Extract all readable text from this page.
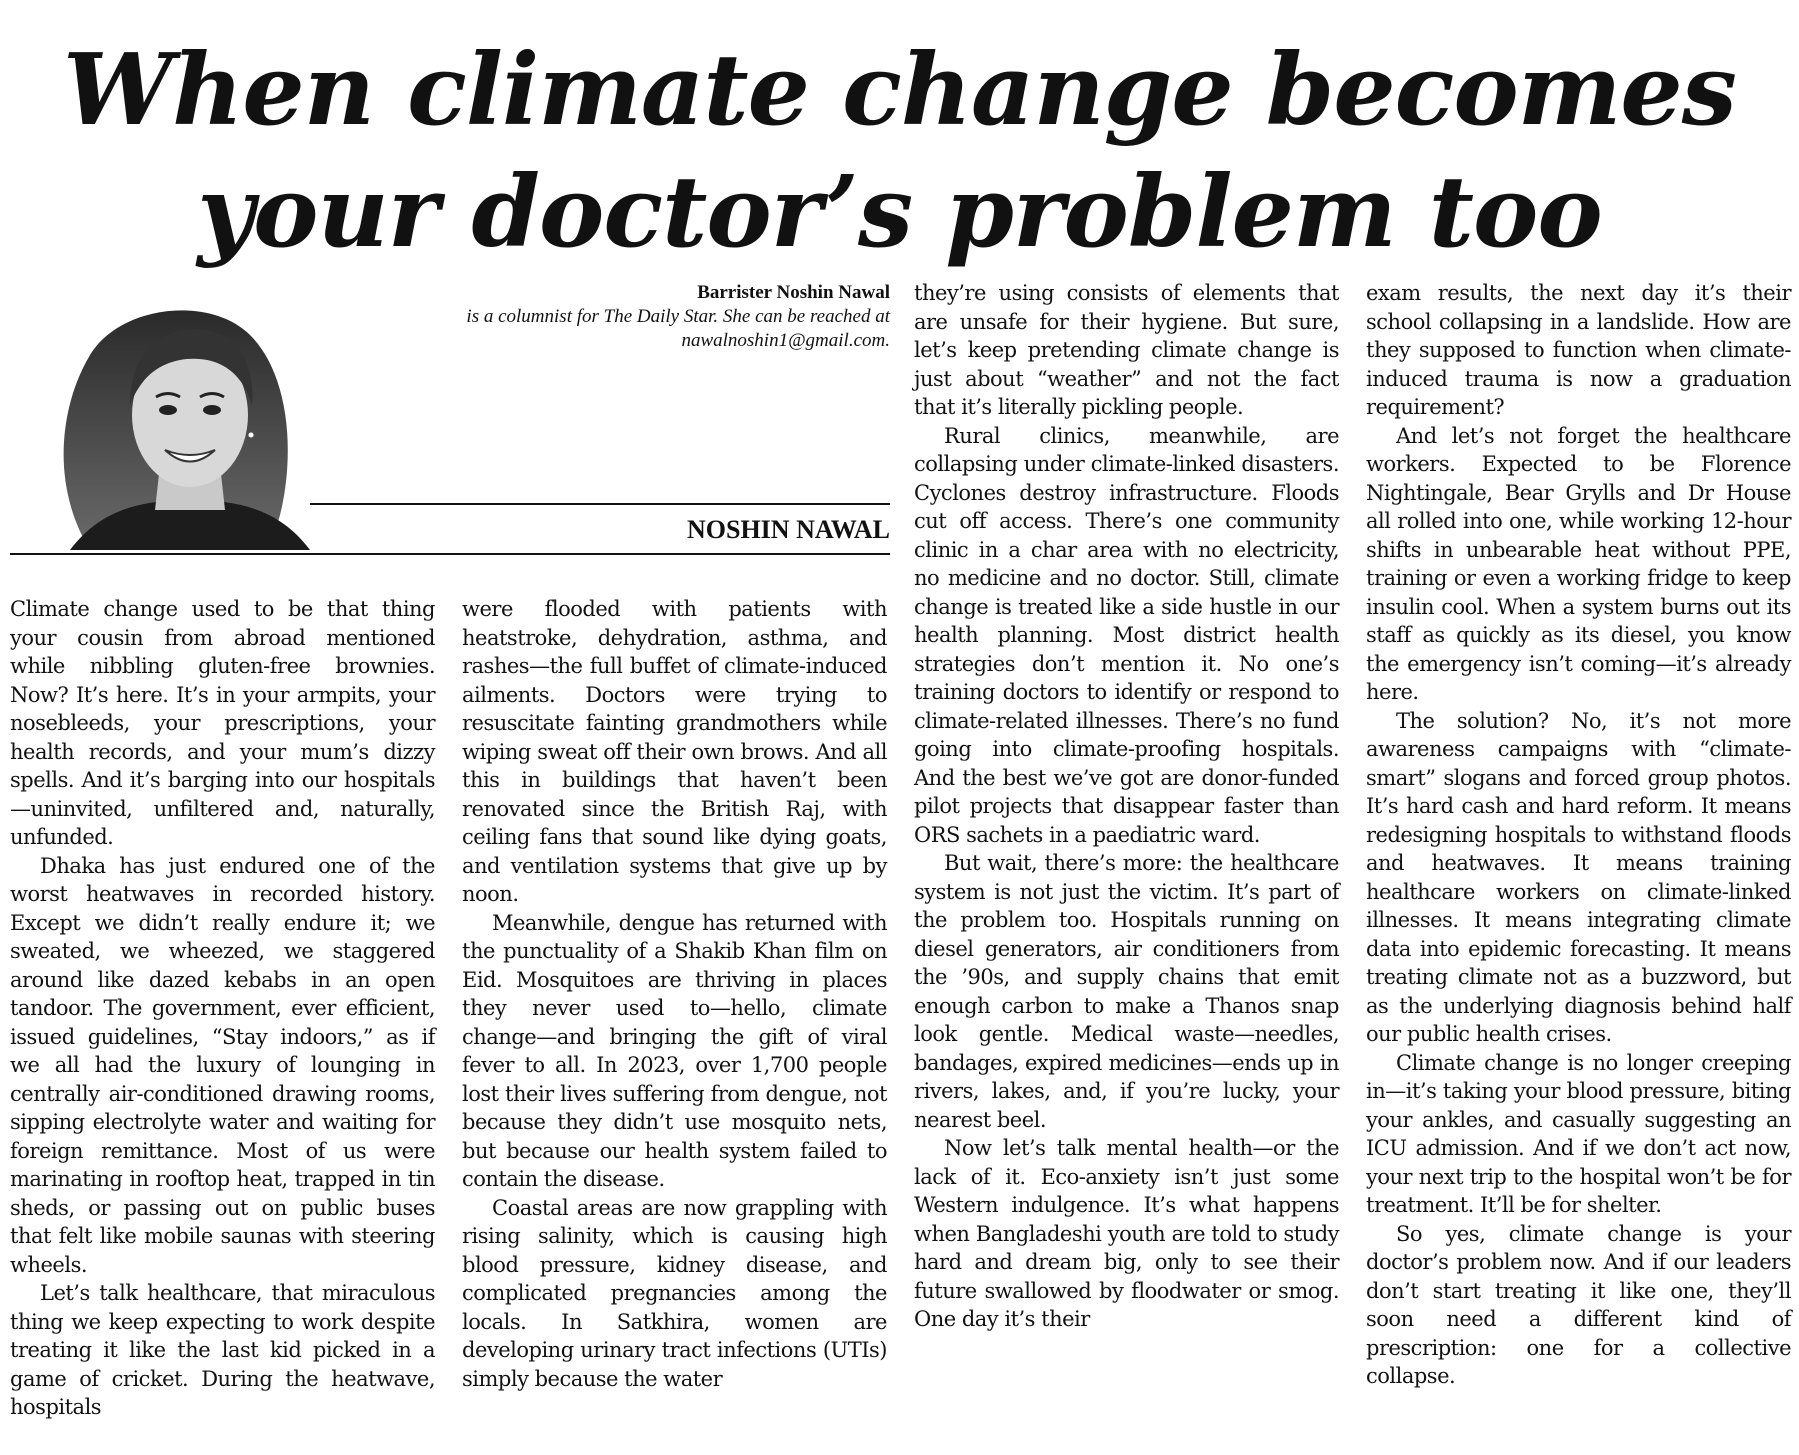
When climate change becomes your doctor’s problem too
Barrister Noshin Nawal
is a columnist for The Daily Star. She can be reached at nawalnoshin1@gmail.com.
NOSHIN NAWAL

Climate change used to be that thing your cousin from abroad mentioned while nibbling gluten-free brownies. Now? It’s here. It’s in your armpits, your nosebleeds, your prescriptions, your health records, and your mum’s dizzy spells. And it’s barging into our hospitals—uninvited, unfiltered and, naturally, unfunded.

Dhaka has just endured one of the worst heatwaves in recorded history. Except we didn’t really endure it; we sweated, we wheezed, we staggered around like dazed kebabs in an open tandoor. The government, ever efficient, issued guidelines, “Stay indoors,” as if we all had the luxury of lounging in centrally air-conditioned drawing rooms, sipping electrolyte water and waiting for foreign remittance. Most of us were marinating in rooftop heat, trapped in tin sheds, or passing out on public buses that felt like mobile saunas with steering wheels.

Let’s talk healthcare, that miraculous thing we keep expecting to work despite treating it like the last kid picked in a game of cricket. During the heatwave, hospitals

were flooded with patients with heatstroke, dehydration, asthma, and rashes—the full buffet of climate-induced ailments. Doctors were trying to resuscitate fainting grandmothers while wiping sweat off their own brows. And all this in buildings that haven’t been renovated since the British Raj, with ceiling fans that sound like dying goats, and ventilation systems that give up by noon.

Meanwhile, dengue has returned with the punctuality of a Shakib Khan film on Eid. Mosquitoes are thriving in places they never used to—hello, climate change—and bringing the gift of viral fever to all. In 2023, over 1,700 people lost their lives suffering from dengue, not because they didn’t use mosquito nets, but because our health system failed to contain the disease.

Coastal areas are now grappling with rising salinity, which is causing high blood pressure, kidney disease, and complicated pregnancies among the locals. In Satkhira, women are developing urinary tract infections (UTIs) simply because the water

they’re using consists of elements that are unsafe for their hygiene. But sure, let’s keep pretending climate change is just about “weather” and not the fact that it’s literally pickling people.

Rural clinics, meanwhile, are collapsing under climate-linked disasters. Cyclones destroy infrastructure. Floods cut off access. There’s one community clinic in a char area with no electricity, no medicine and no doctor. Still, climate change is treated like a side hustle in our health planning. Most district health strategies don’t mention it. No one’s training doctors to identify or respond to climate-related illnesses. There’s no fund going into climate-proofing hospitals. And the best we’ve got are donor-funded pilot projects that disappear faster than ORS sachets in a paediatric ward.

But wait, there’s more: the healthcare system is not just the victim. It’s part of the problem too. Hospitals running on diesel generators, air conditioners from the ’90s, and supply chains that emit enough carbon to make a Thanos snap look gentle. Medical waste—needles, bandages, expired medicines—ends up in rivers, lakes, and, if you’re lucky, your nearest beel.

Now let’s talk mental health—or the lack of it. Eco-anxiety isn’t just some Western indulgence. It’s what happens when Bangladeshi youth are told to study hard and dream big, only to see their future swallowed by floodwater or smog. One day it’s their

exam results, the next day it’s their school collapsing in a landslide. How are they supposed to function when climate-induced trauma is now a graduation requirement?

And let’s not forget the healthcare workers. Expected to be Florence Nightingale, Bear Grylls and Dr House all rolled into one, while working 12-hour shifts in unbearable heat without PPE, training or even a working fridge to keep insulin cool. When a system burns out its staff as quickly as its diesel, you know the emergency isn’t coming—it’s already here.

The solution? No, it’s not more awareness campaigns with “climate-smart” slogans and forced group photos. It’s hard cash and hard reform. It means redesigning hospitals to withstand floods and heatwaves. It means training healthcare workers on climate-linked illnesses. It means integrating climate data into epidemic forecasting. It means treating climate not as a buzzword, but as the underlying diagnosis behind half our public health crises.

Climate change is no longer creeping in—it’s taking your blood pressure, biting your ankles, and casually suggesting an ICU admission. And if we don’t act now, your next trip to the hospital won’t be for treatment. It’ll be for shelter.

So yes, climate change is your doctor’s problem now. And if our leaders don’t start treating it like one, they’ll soon need a different kind of prescription: one for a collective collapse.
